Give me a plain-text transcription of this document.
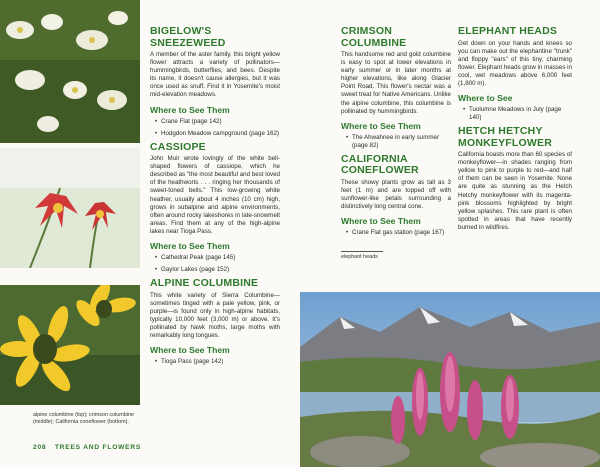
alpine columbine (top); crimson columbine (middle); California coneflower (bottom).
208 TREES AND FLOWERS
BIGELOW'S SNEEZEWEED

A member of the aster family, this bright yellow flower attracts a variety of pollinators—hummingbirds, butterflies, and bees. Despite its name, it doesn't cause allergies, but it was once used as snuff. Find it in Yosemite's moist mid-elevation meadows.

Where to See Them
• Crane Flat (page 142)
• Hodgdon Meadow campground (page 162)
CASSIOPE

John Muir wrote lovingly of the white bell-shaped flowers of cassiope, which he described as "the most beautiful and best loved of the heathworts . . . ringing her thousands of sweet-toned bells." This low-growing white heather, usually about 4 inches (10 cm) high, grows in subalpine and alpine environments, often around rocky lakeshores in late-snowmelt areas. Find them at any of the high-alpine lakes near Tioga Pass.

Where to See Them
• Cathedral Peak (page 145)
• Gaylor Lakes (page 152)
ALPINE COLUMBINE

This white variety of Sierra Columbine—sometimes tinged with a pale yellow, pink, or purple—is found only in high-alpine habitats, typically 10,000 feet (3,000 m) or above. It's pollinated by hawk moths, large moths with remarkably long tongues.

Where to See Them
• Tioga Pass (page 142)
CRIMSON COLUMBINE

This handsome red and gold columbine is easy to spot at lower elevations in early summer or in later months at higher elevations, like along Glacier Point Road. This flower's nectar was a sweet treat for Native Americans. Unlike the alpine columbine, this columbine is pollinated by hummingbirds.

Where to See Them
• The Ahwahnee in early summer (page 82)
CALIFORNIA CONEFLOWER

These showy plants grow as tall as 3 feet (1 m) and are topped off with sunflower-like petals surrounding a distinctively long central cone.

Where to See Them
• Crane Flat gas station (page 167)
elephant heads
ELEPHANT HEADS

Get down on your hands and knees so you can make out the elephantine "trunk" and floppy "ears" of this tiny, charming flower. Elephant heads grow in masses in cool, wet meadows above 6,000 feet (1,800 m).

Where to See
• Tuolumne Meadows in July (page 140)
HETCH HETCHY MONKEYFLOWER

California boasts more than 60 species of monkeyflower—in shades ranging from yellow to pink to purple to red—and half of them can be seen in Yosemite. None are quite as stunning as the Hetch Hetchy monkeyflower with its magenta-pink blossoms highlighted by bright yellow splashes. This rare plant is often spotted in areas that have recently burned in wildfires.
